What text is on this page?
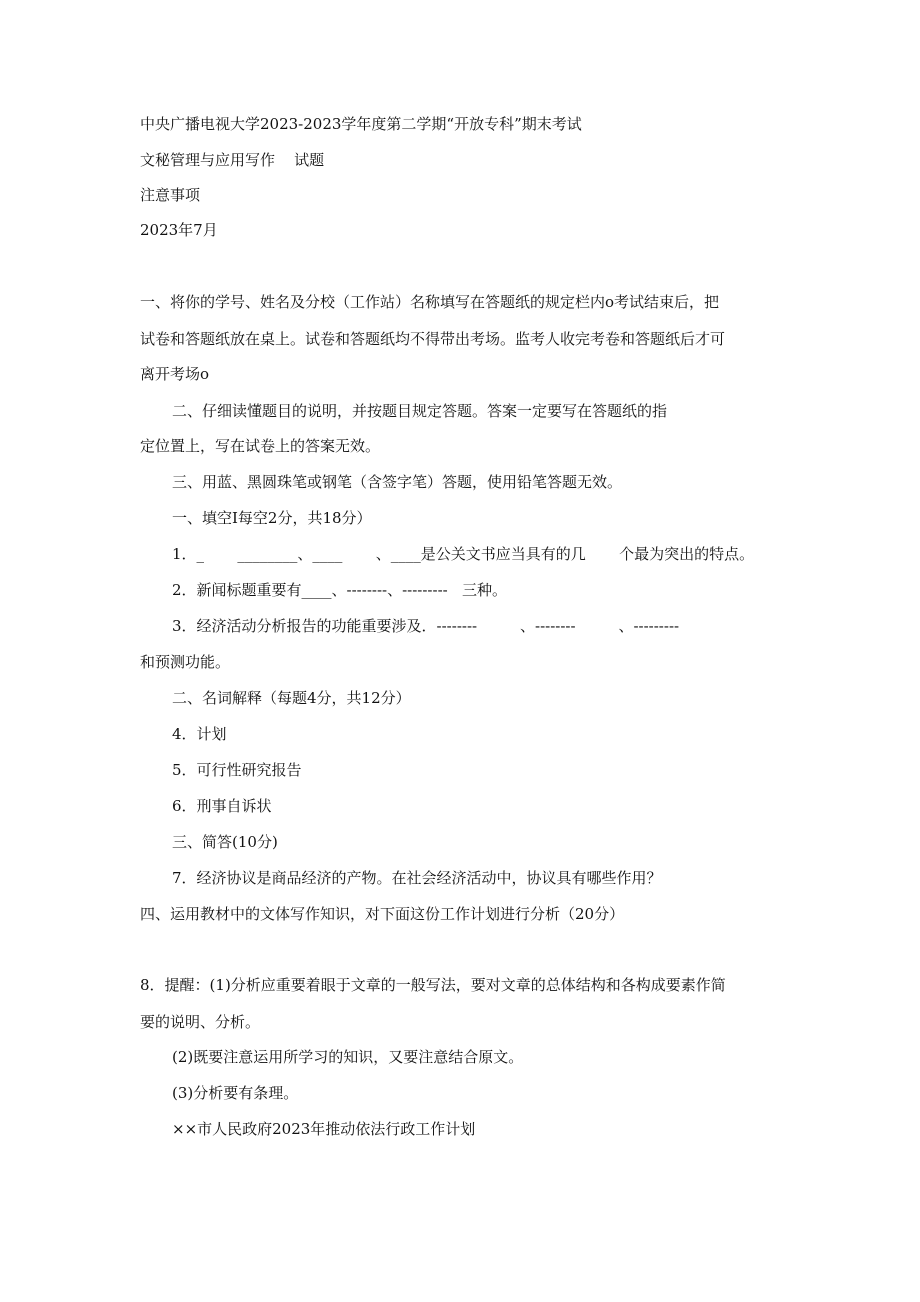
中央广播电视大学2023-2023学年度第二学期“开放专科”期末考试
文秘管理与应用写作    试题
注意事项
2023年7月
一、将你的学号、姓名及分校（工作站）名称填写在答题纸的规定栏内o考试结束后，把
试卷和答题纸放在桌上。试卷和答题纸均不得带出考场。监考人收完考卷和答题纸后才可
离开考场o
二、仔细读懂题目的说明，并按题目规定答题。答案一定要写在答题纸的指
定位置上，写在试卷上的答案无效。
三、用蓝、黑圆珠笔或钢笔（含签字笔）答题，使用铅笔答题无效。
一、填空I每空2分，共18分）
1．_       ________、____       、____是公关文书应当具有的几       个最为突出的特点。
2．新闻标题重要有____、--------、---------   三种。
3．经济活动分析报告的功能重要涉及．--------         、--------         、---------
和预测功能。
二、名词解释（每题4分，共12分）
4．计划
5．可行性研究报告
6．刑事自诉状
三、简答(10分)
7．经济协议是商品经济的产物。在社会经济活动中，协议具有哪些作用？
四、运用教材中的文体写作知识，对下面这份工作计划进行分析（20分）
8．提醒：(1)分析应重要着眼于文章的一般写法，要对文章的总体结构和各构成要素作简
要的说明、分析。
(2)既要注意运用所学习的知识，又要注意结合原文。
(3)分析要有条理。
××市人民政府2023年推动依法行政工作计划
